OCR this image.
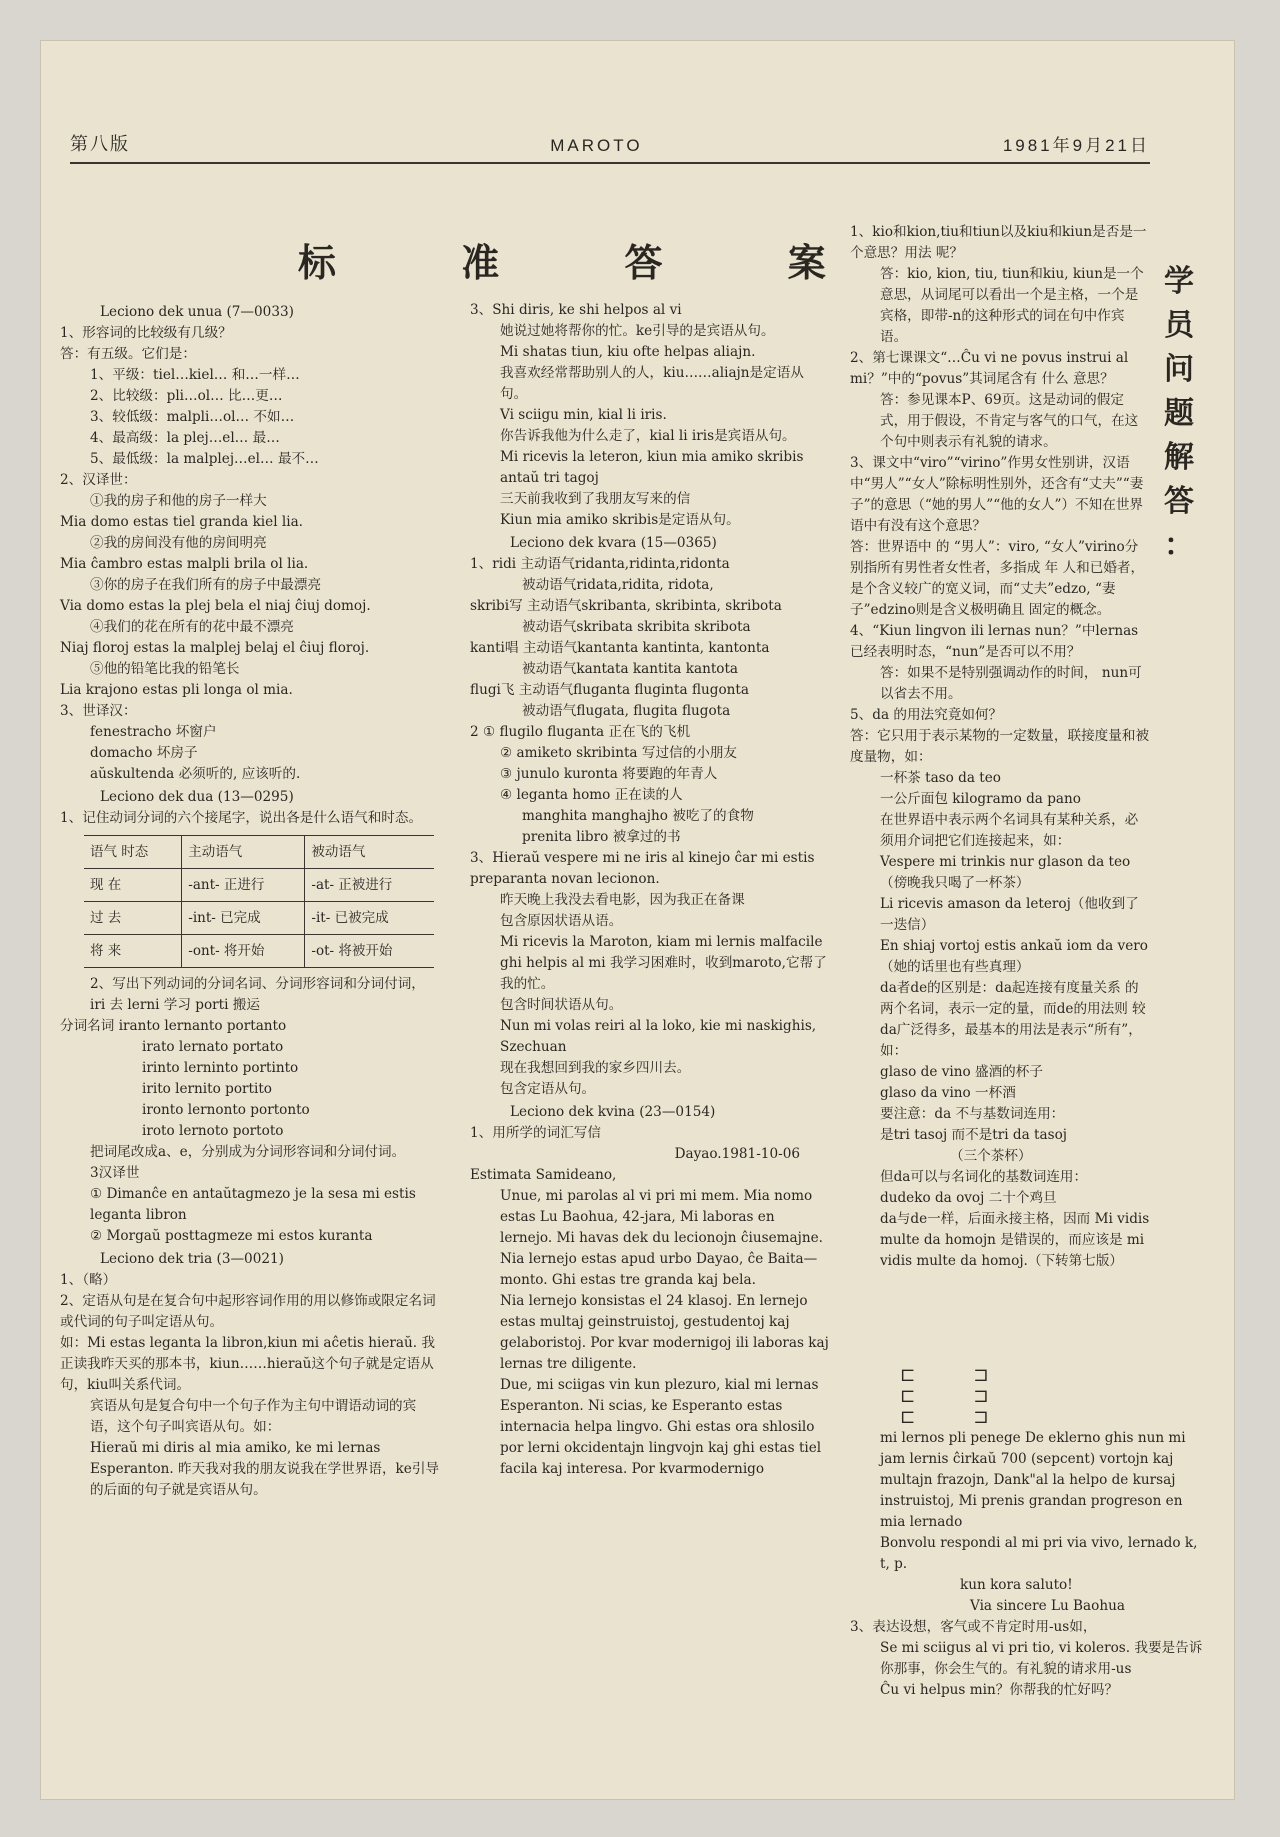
第八版	MAROTO	1981年9月21日
标 准 答 案	学
员
问
题
解
答
：

Leciono dek unua (7—0033)

1、形容词的比较级有几级？

答：有五级。它们是：

1、平级：tiel…kiel… 和…一样…

2、比较级：pli…ol… 比…更…

3、较低级：malpli…ol… 不如…

4、最高级：la plej…el… 最…

5、最低级：la malplej…el… 最不…

2、汉译世：

①我的房子和他的房子一样大

Mia domo estas tiel granda kiel lia.

②我的房间没有他的房间明亮

Mia ĉambro estas malpli brila ol lia.

③你的房子在我们所有的房子中最漂亮

Via domo estas la plej bela el niaj ĉiuj domoj.

④我们的花在所有的花中最不漂亮

Niaj floroj estas la malplej belaj el ĉiuj floroj.

⑤他的铅笔比我的铅笔长

Lia krajono estas pli longa ol mia.

3、世译汉：

fenestracho 坏窗户

domacho 坏房子

aŭskultenda 必须听的, 应该听的.

Leciono dek dua (13—0295)

1、记住动词分词的六个接尾字，说出各是什么语气和时态。

语气 时态	主动语气	被动语气
现 在	-ant- 正进行	-at- 正被进行
过 去	-int- 已完成	-it- 已被完成
将 来	-ont- 将开始	-ot- 将被开始

2、写出下列动词的分词名词、分词形容词和分词付词，

iri 去 lerni 学习 porti 搬运

分词名词 iranto lernanto portanto

irato lernato portato

irinto lerninto portinto

irito lernito portito

ironto lernonto portonto

iroto lernoto portoto

把词尾改成a、e，分别成为分词形容词和分词付词。

3汉译世

① Dimanĉe en antaŭtagmezo je la sesa mi estis leganta libron

② Morgaŭ posttagmeze mi estos kuranta

Leciono dek tria (3—0021)

1、（略）

2、定语从句是在复合句中起形容词作用的用以修饰或限定名词或代词的句子叫定语从句。

如：Mi estas leganta la libron,kiun mi aĉetis hieraŭ. 我正读我昨天买的那本书，kiun……hieraŭ这个句子就是定语从句，kiu叫关系代词。

宾语从句是复合句中一个句子作为主句中谓语动词的宾语，这个句子叫宾语从句。如：

Hieraŭ mi diris al mia amiko, ke mi lernas Esperanton. 昨天我对我的朋友说我在学世界语，ke引导的后面的句子就是宾语从句。

3、Shi diris, ke shi helpos al vi

她说过她将帮你的忙。ke引导的是宾语从句。

Mi shatas tiun, kiu ofte helpas aliajn.

我喜欢经常帮助别人的人，kiu……aliajn是定语从句。

Vi sciigu min, kial li iris.

你告诉我他为什么走了，kial li iris是宾语从句。

Mi ricevis la leteron, kiun mia amiko skribis antaŭ tri tagoj

三天前我收到了我朋友写来的信

Kiun mia amiko skribis是定语从句。

Leciono dek kvara (15—0365)

1、ridi 主动语气ridanta,ridinta,ridonta

被动语气ridata,ridita, ridota,

skribi写 主动语气skribanta, skribinta, skribota

被动语气skribata skribita skribota

kanti唱 主动语气kantanta kantinta, kantonta

被动语气kantata kantita kantota

flugi飞 主动语气fluganta fluginta flugonta

被动语气flugata, flugita flugota

2 ① flugilo fluganta 正在飞的飞机

② amiketo skribinta 写过信的小朋友

③ junulo kuronta 将要跑的年青人

④ leganta homo 正在读的人

manghita manghajho 被吃了的食物

prenita libro 被拿过的书

3、Hieraŭ vespere mi ne iris al kinejo ĉar mi estis preparanta novan lecionon.

昨天晚上我没去看电影，因为我正在备课

包含原因状语从语。

Mi ricevis la Maroton, kiam mi lernis malfacile ghi helpis al mi 我学习困难时，收到maroto,它帮了我的忙。

包含时间状语从句。

Nun mi volas reiri al la loko, kie mi naskighis, Szechuan

现在我想回到我的家乡四川去。

包含定语从句。

Leciono dek kvina (23—0154)

1、用所学的词汇写信

Dayao.1981-10-06

Estimata Samideano,

Unue, mi parolas al vi pri mi mem. Mia nomo estas Lu Baohua, 42-jara, Mi laboras en lernejo. Mi havas dek du lecionojn ĉiusemajne.

Nia lernejo estas apud urbo Dayao, ĉe Baita—monto. Ghi estas tre granda kaj bela.

Nia lernejo konsistas el 24 klasoj. En lernejo estas multaj geinstruistoj, gestudentoj kaj gelaboristoj. Por kvar modernigoj ili laboras kaj lernas tre diligente.

Due, mi sciigas vin kun plezuro, kial mi lernas Esperanton. Ni scias, ke Esperanto estas internacia helpa lingvo. Ghi estas ora shlosilo por lerni okcidentajn lingvojn kaj ghi estas tiel facila kaj interesa. Por kvarmodernigo

1、kio和kion,tiu和tiun以及kiu和kiun是否是一个意思？用法 呢？

答：kio, kion, tiu, tiun和kiu, kiun是一个意思，从词尾可以看出一个是主格，一个是宾格，即带-n的这种形式的词在句中作宾语。

2、第七课课文“…Ĉu vi ne povus instrui al mi？”中的“povus”其词尾含有 什么 意思？

答：参见课本P、69页。这是动词的假定式，用于假设，不肯定与客气的口气，在这个句中则表示有礼貌的请求。

3、课文中“viro”“virino”作男女性别讲，汉语中“男人”“女人”除标明性别外，还含有“丈夫”“妻子”的意思（“她的男人”“他的女人”）不知在世界语中有没有这个意思？

答：世界语中 的 “男人”：viro, “女人”virino分别指所有男性者女性者，多指成 年 人和已婚者，是个含义较广的宽义词，而“丈夫”edzo, “妻子”edzino则是含义极明确且 固定的概念。

4、“Kiun lingvon ili lernas nun？”中lernas已经表明时态，“nun”是否可以不用？

答：如果不是特别强调动作的时间， nun可以省去不用。

5、da 的用法究竟如何？

答：它只用于表示某物的一定数量，联接度量和被度量物，如：

一杯茶 taso da teo

一公斤面包 kilogramo da pano

在世界语中表示两个名词具有某种关系，必须用介词把它们连接起来，如：

Vespere mi trinkis nur glason da teo（傍晚我只喝了一杯茶）

Li ricevis amason da leteroj（他收到了一迭信）

En shiaj vortoj estis ankaŭ iom da vero（她的话里也有些真理）

da者de的区别是：da起连接有度量关系 的两个名词，表示一定的量，而de的用法则 较 da广泛得多，最基本的用法是表示“所有”，如：

glaso de vino 盛酒的杯子

glaso da vino 一杯酒

要注意：da 不与基数词连用：

是tri tasoj 而不是tri da tasoj

（三个茶杯）

但da可以与名词化的基数词连用：

dudeko da ovoj 二十个鸡旦

da与de一样，后面永接主格，因而 Mi vidis multe da homojn 是错误的，而应该是 mi vidis multe da homoj.（下转第七版）

⊏⊐ ⊏⊐ ⊏⊐

mi lernos pli penege De eklerno ghis nun mi jam lernis ĉirkaŭ 700 (sepcent) vortojn kaj multajn frazojn, Dank"al la helpo de kursaj instruistoj, Mi prenis grandan progreson en mia lernado

Bonvolu respondi al mi pri via vivo, lernado k, t, p.

kun kora saluto!

Via sincere Lu Baohua

3、表达设想，客气或不肯定时用-us如，

Se mi sciigus al vi pri tio, vi koleros. 我要是告诉你那事，你会生气的。有礼貌的请求用-us

Ĉu vi helpus min？你帮我的忙好吗？
